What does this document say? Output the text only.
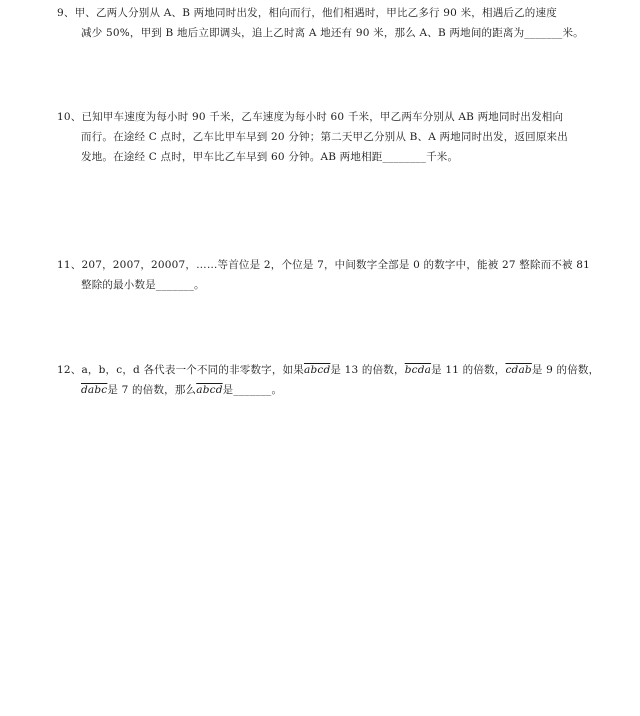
9、甲、乙两人分别从 A、B 两地同时出发，相向而行，他们相遇时，甲比乙多行 90 米，相遇后乙的速度
减少 50%，甲到 B 地后立即调头，追上乙时离 A 地还有 90 米，那么 A、B 两地间的距离为_______米。
10、已知甲车速度为每小时 90 千米，乙车速度为每小时 60 千米，甲乙两车分别从 AB 两地同时出发相向
而行。在途经 C 点时，乙车比甲车早到 20 分钟；第二天甲乙分别从 B、A 两地同时出发，返回原来出
发地。在途经 C 点时，甲车比乙车早到 60 分钟。AB 两地相距________千米。
11、207，2007，20007，……等首位是 2，个位是 7，中间数字全部是 0 的数字中，能被 27 整除而不被 81
整除的最小数是_______。
12、a，b，c，d 各代表一个不同的非零数字，如果abcd是 13 的倍数，bcda是 11 的倍数，cdab是 9 的倍数，
dabc是 7 的倍数，那么abcd是_______。
